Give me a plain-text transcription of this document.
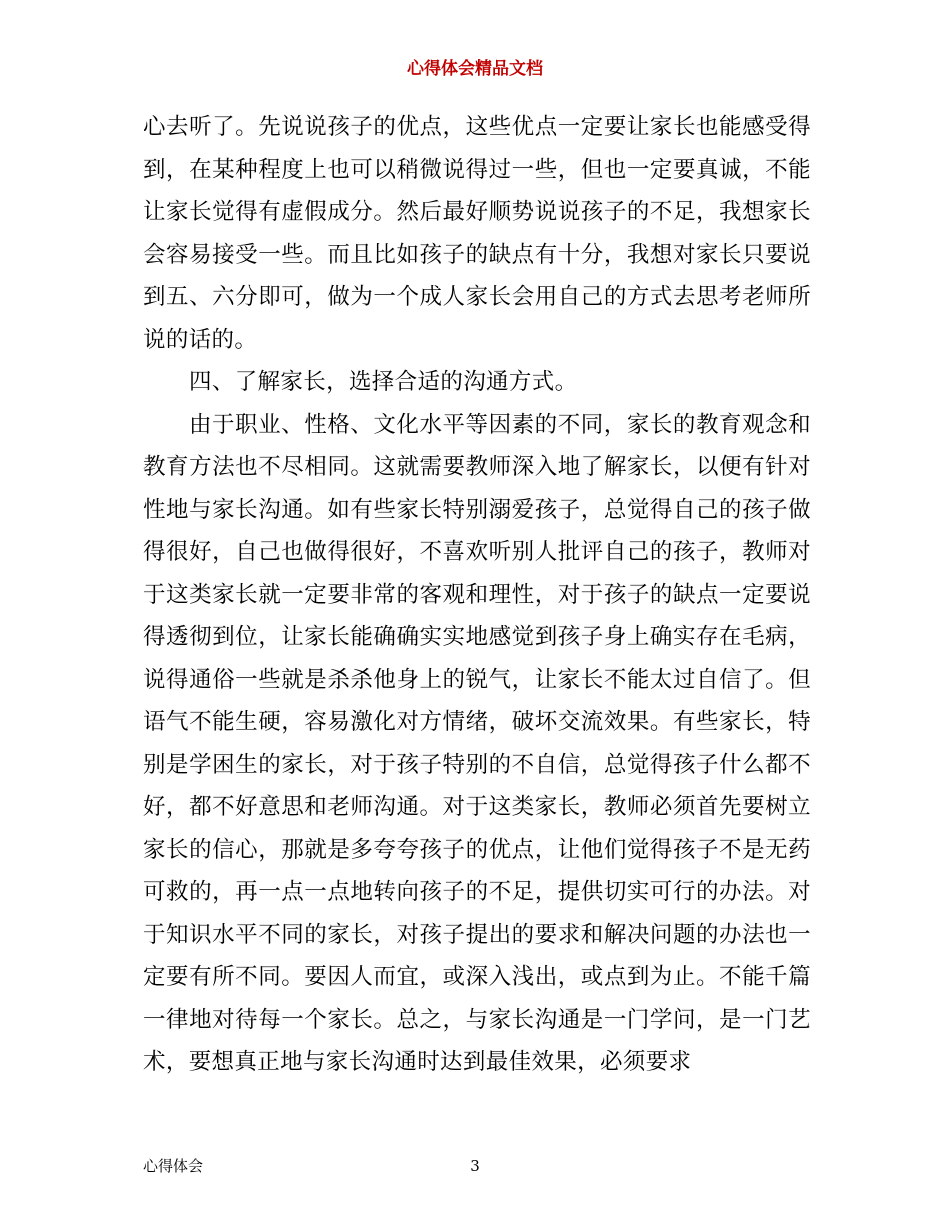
心得体会精品文档

心去听了。先说说孩子的优点，这些优点一定要让家长也能感受得到，在某种程度上也可以稍微说得过一些，但也一定要真诚，不能让家长觉得有虚假成分。然后最好顺势说说孩子的不足，我想家长会容易接受一些。而且比如孩子的缺点有十分，我想对家长只要说到五、六分即可，做为一个成人家长会用自己的方式去思考老师所说的话的。

四、了解家长，选择合适的沟通方式。

由于职业、性格、文化水平等因素的不同，家长的教育观念和教育方法也不尽相同。这就需要教师深入地了解家长，以便有针对性地与家长沟通。如有些家长特别溺爱孩子，总觉得自己的孩子做得很好，自己也做得很好，不喜欢听别人批评自己的孩子，教师对于这类家长就一定要非常的客观和理性，对于孩子的缺点一定要说得透彻到位，让家长能确确实实地感觉到孩子身上确实存在毛病，说得通俗一些就是杀杀他身上的锐气，让家长不能太过自信了。但语气不能生硬，容易激化对方情绪，破坏交流效果。有些家长，特别是学困生的家长，对于孩子特别的不自信，总觉得孩子什么都不好，都不好意思和老师沟通。对于这类家长，教师必须首先要树立家长的信心，那就是多夸夸孩子的优点，让他们觉得孩子不是无药可救的，再一点一点地转向孩子的不足，提供切实可行的办法。对于知识水平不同的家长，对孩子提出的要求和解决问题的办法也一定要有所不同。要因人而宜，或深入浅出，或点到为止。不能千篇一律地对待每一个家长。总之，与家长沟通是一门学问，是一门艺术，要想真正地与家长沟通时达到最佳效果，必须要求

心得体会	3
